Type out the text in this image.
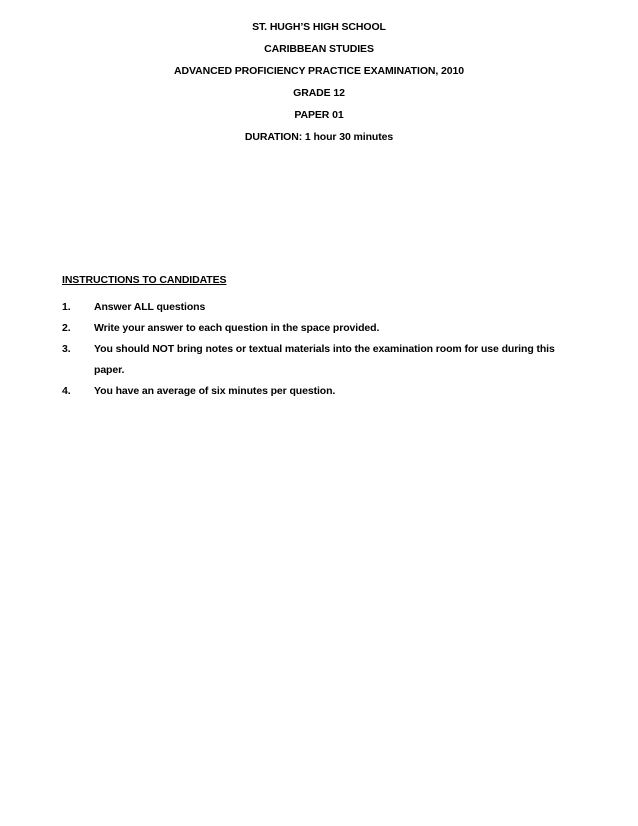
ST. HUGH’S HIGH SCHOOL
CARIBBEAN STUDIES
ADVANCED PROFICIENCY PRACTICE EXAMINATION, 2010
GRADE 12
PAPER 01
DURATION: 1 hour 30 minutes
INSTRUCTIONS TO CANDIDATES
1. Answer ALL questions
2. Write your answer to each question in the space provided.
3. You should NOT bring notes or textual materials into the examination room for use during this paper.
4. You have an average of six minutes per question.
